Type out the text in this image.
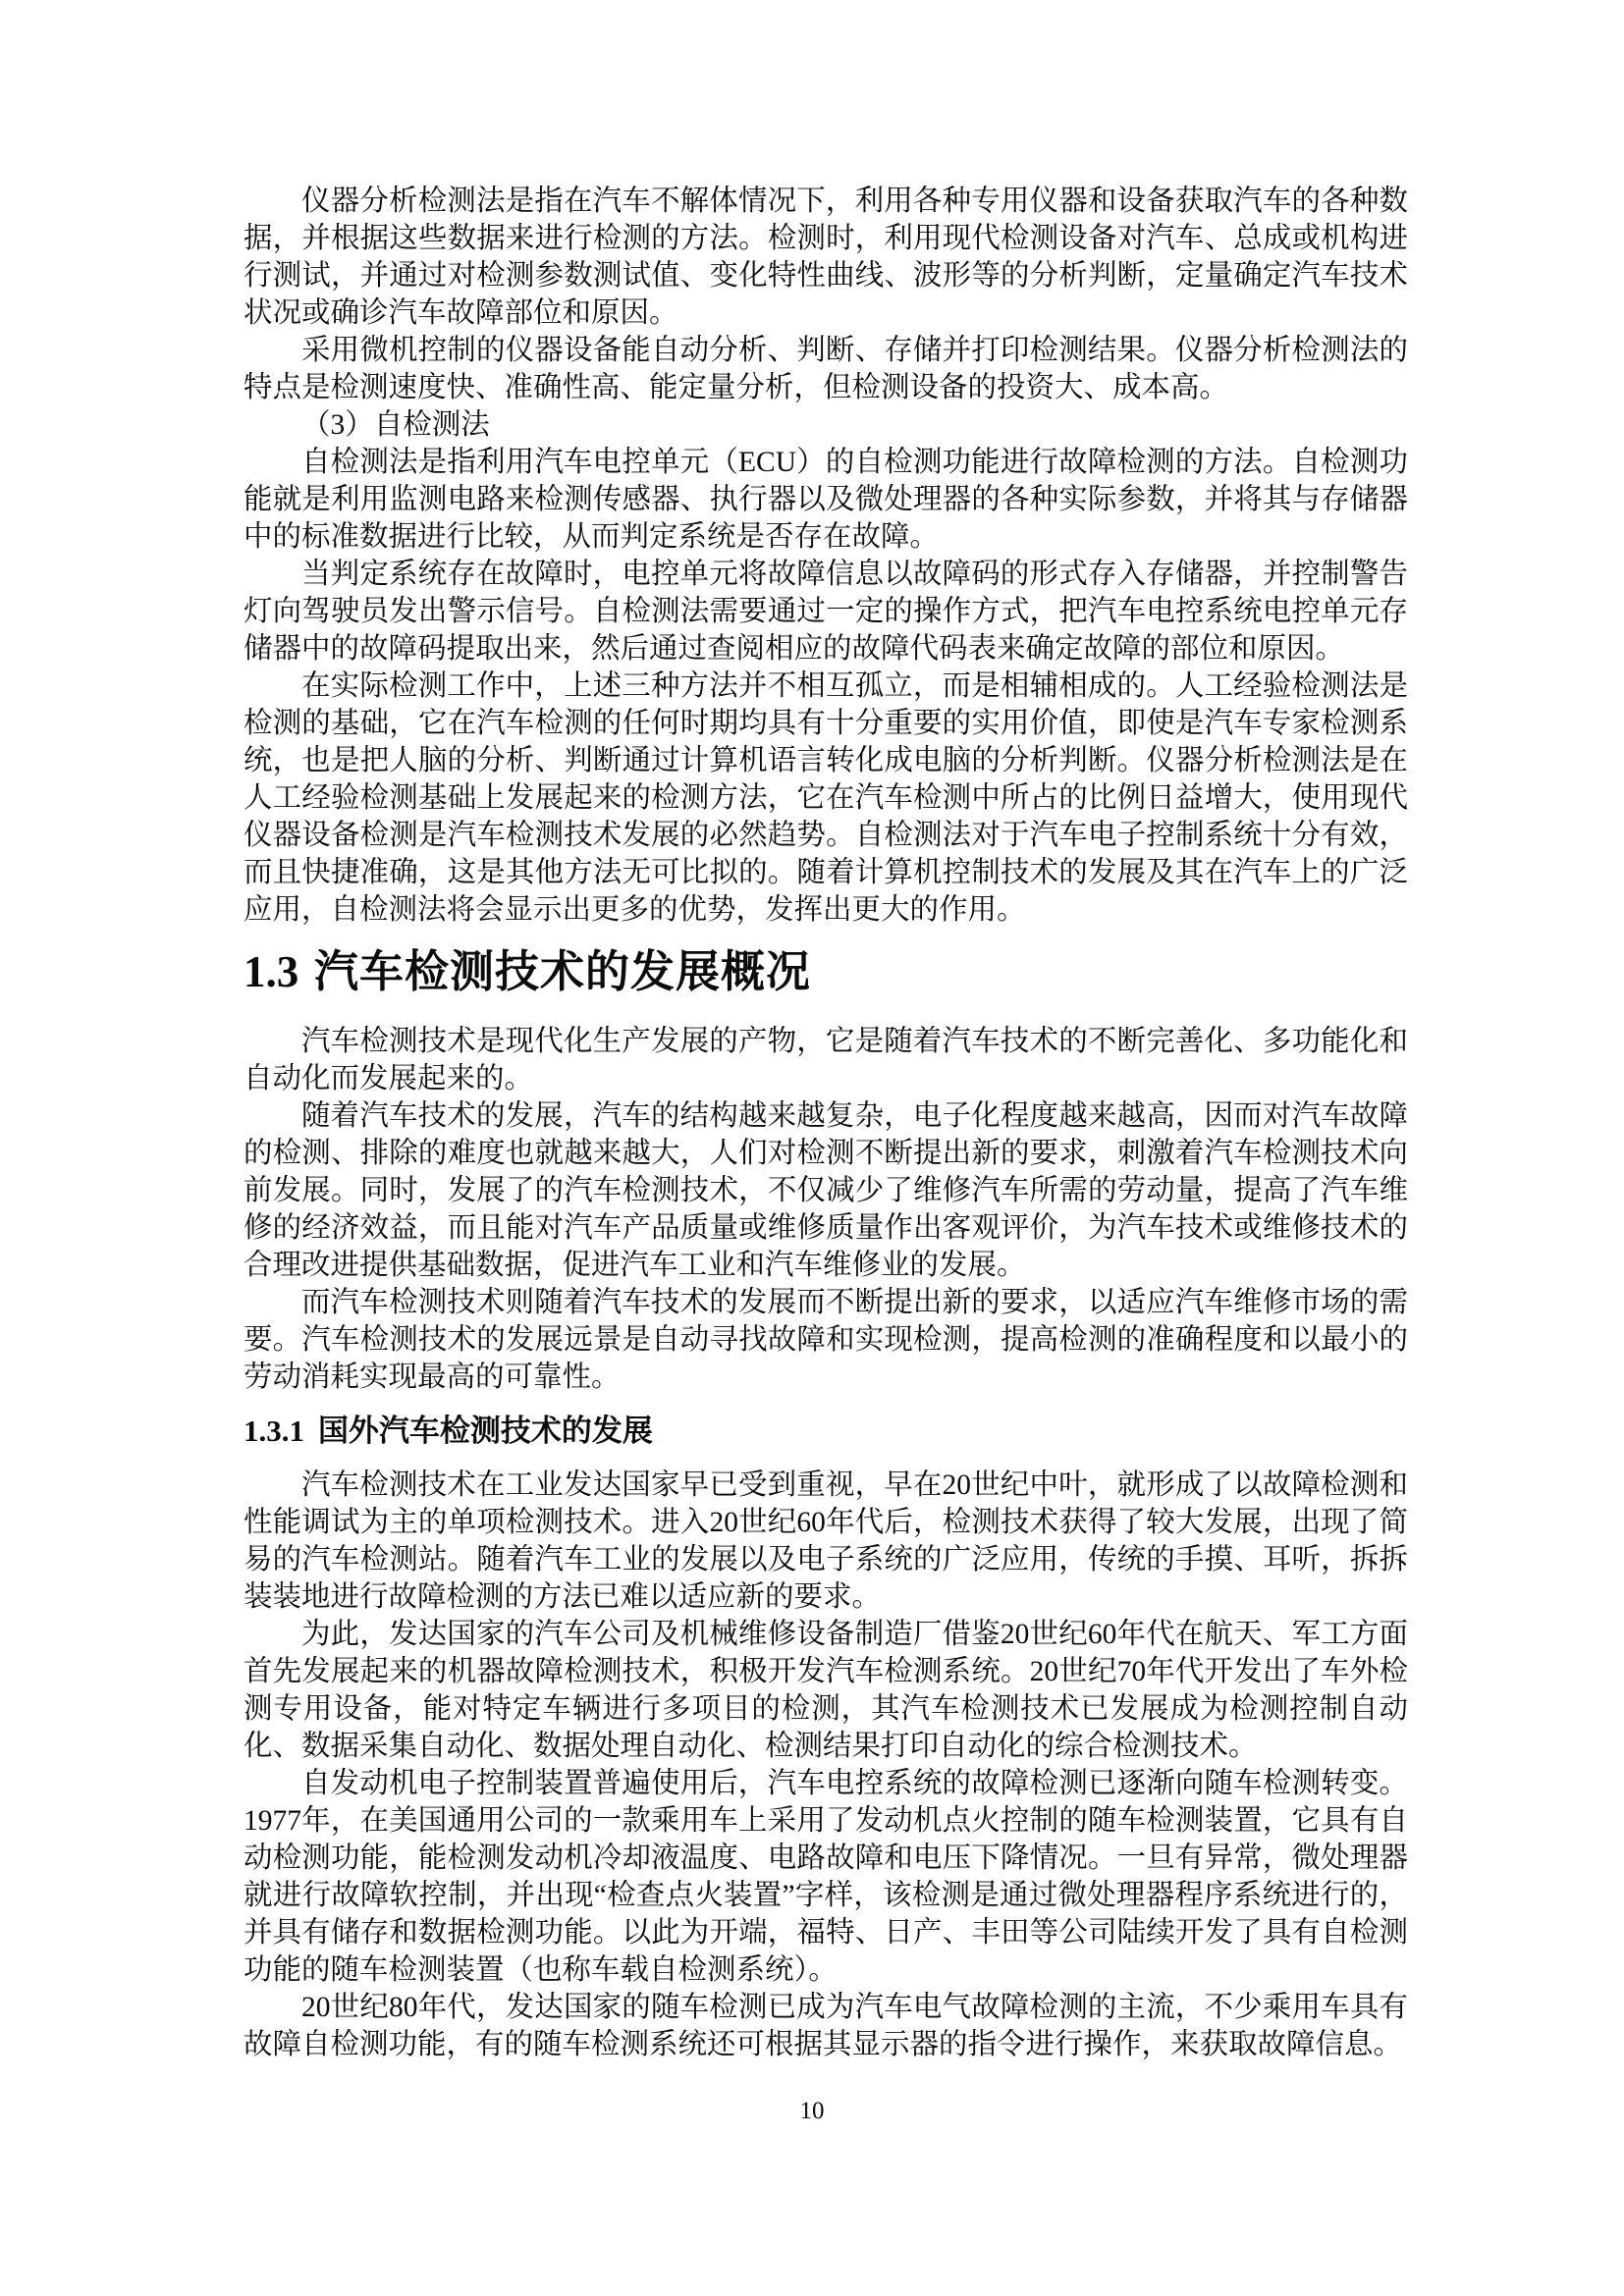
仪器分析检测法是指在汽车不解体情况下，利用各种专用仪器和设备获取汽车的各种数据，并根据这些数据来进行检测的方法。检测时，利用现代检测设备对汽车、总成或机构进行测试，并通过对检测参数测试值、变化特性曲线、波形等的分析判断，定量确定汽车技术状况或确诊汽车故障部位和原因。

采用微机控制的仪器设备能自动分析、判断、存储并打印检测结果。仪器分析检测法的特点是检测速度快、准确性高、能定量分析，但检测设备的投资大、成本高。

（3）自检测法

自检测法是指利用汽车电控单元（ECU）的自检测功能进行故障检测的方法。自检测功能就是利用监测电路来检测传感器、执行器以及微处理器的各种实际参数，并将其与存储器中的标准数据进行比较，从而判定系统是否存在故障。

当判定系统存在故障时，电控单元将故障信息以故障码的形式存入存储器，并控制警告灯向驾驶员发出警示信号。自检测法需要通过一定的操作方式，把汽车电控系统电控单元存储器中的故障码提取出来，然后通过查阅相应的故障代码表来确定故障的部位和原因。

在实际检测工作中，上述三种方法并不相互孤立，而是相辅相成的。人工经验检测法是检测的基础，它在汽车检测的任何时期均具有十分重要的实用价值，即使是汽车专家检测系统，也是把人脑的分析、判断通过计算机语言转化成电脑的分析判断。仪器分析检测法是在人工经验检测基础上发展起来的检测方法，它在汽车检测中所占的比例日益增大，使用现代仪器设备检测是汽车检测技术发展的必然趋势。自检测法对于汽车电子控制系统十分有效，而且快捷准确，这是其他方法无可比拟的。随着计算机控制技术的发展及其在汽车上的广泛应用，自检测法将会显示出更多的优势，发挥出更大的作用。

1.3 汽车检测技术的发展概况

汽车检测技术是现代化生产发展的产物，它是随着汽车技术的不断完善化、多功能化和自动化而发展起来的。

随着汽车技术的发展，汽车的结构越来越复杂，电子化程度越来越高，因而对汽车故障的检测、排除的难度也就越来越大，人们对检测不断提出新的要求，刺激着汽车检测技术向前发展。同时，发展了的汽车检测技术，不仅减少了维修汽车所需的劳动量，提高了汽车维修的经济效益，而且能对汽车产品质量或维修质量作出客观评价，为汽车技术或维修技术的合理改进提供基础数据，促进汽车工业和汽车维修业的发展。

而汽车检测技术则随着汽车技术的发展而不断提出新的要求，以适应汽车维修市场的需要。汽车检测技术的发展远景是自动寻找故障和实现检测，提高检测的准确程度和以最小的劳动消耗实现最高的可靠性。

1.3.1 国外汽车检测技术的发展

汽车检测技术在工业发达国家早已受到重视，早在20世纪中叶，就形成了以故障检测和性能调试为主的单项检测技术。进入20世纪60年代后，检测技术获得了较大发展，出现了简易的汽车检测站。随着汽车工业的发展以及电子系统的广泛应用，传统的手摸、耳听，拆拆装装地进行故障检测的方法已难以适应新的要求。

为此，发达国家的汽车公司及机械维修设备制造厂借鉴20世纪60年代在航天、军工方面首先发展起来的机器故障检测技术，积极开发汽车检测系统。20世纪70年代开发出了车外检测专用设备，能对特定车辆进行多项目的检测，其汽车检测技术已发展成为检测控制自动化、数据采集自动化、数据处理自动化、检测结果打印自动化的综合检测技术。

自发动机电子控制装置普遍使用后，汽车电控系统的故障检测已逐渐向随车检测转变。1977年，在美国通用公司的一款乘用车上采用了发动机点火控制的随车检测装置，它具有自动检测功能，能检测发动机冷却液温度、电路故障和电压下降情况。一旦有异常，微处理器就进行故障软控制，并出现“检查点火装置”字样，该检测是通过微处理器程序系统进行的，并具有储存和数据检测功能。以此为开端，福特、日产、丰田等公司陆续开发了具有自检测功能的随车检测装置（也称车载自检测系统）。

20世纪80年代，发达国家的随车检测已成为汽车电气故障检测的主流，不少乘用车具有故障自检测功能，有的随车检测系统还可根据其显示器的指令进行操作，来获取故障信息。

10
